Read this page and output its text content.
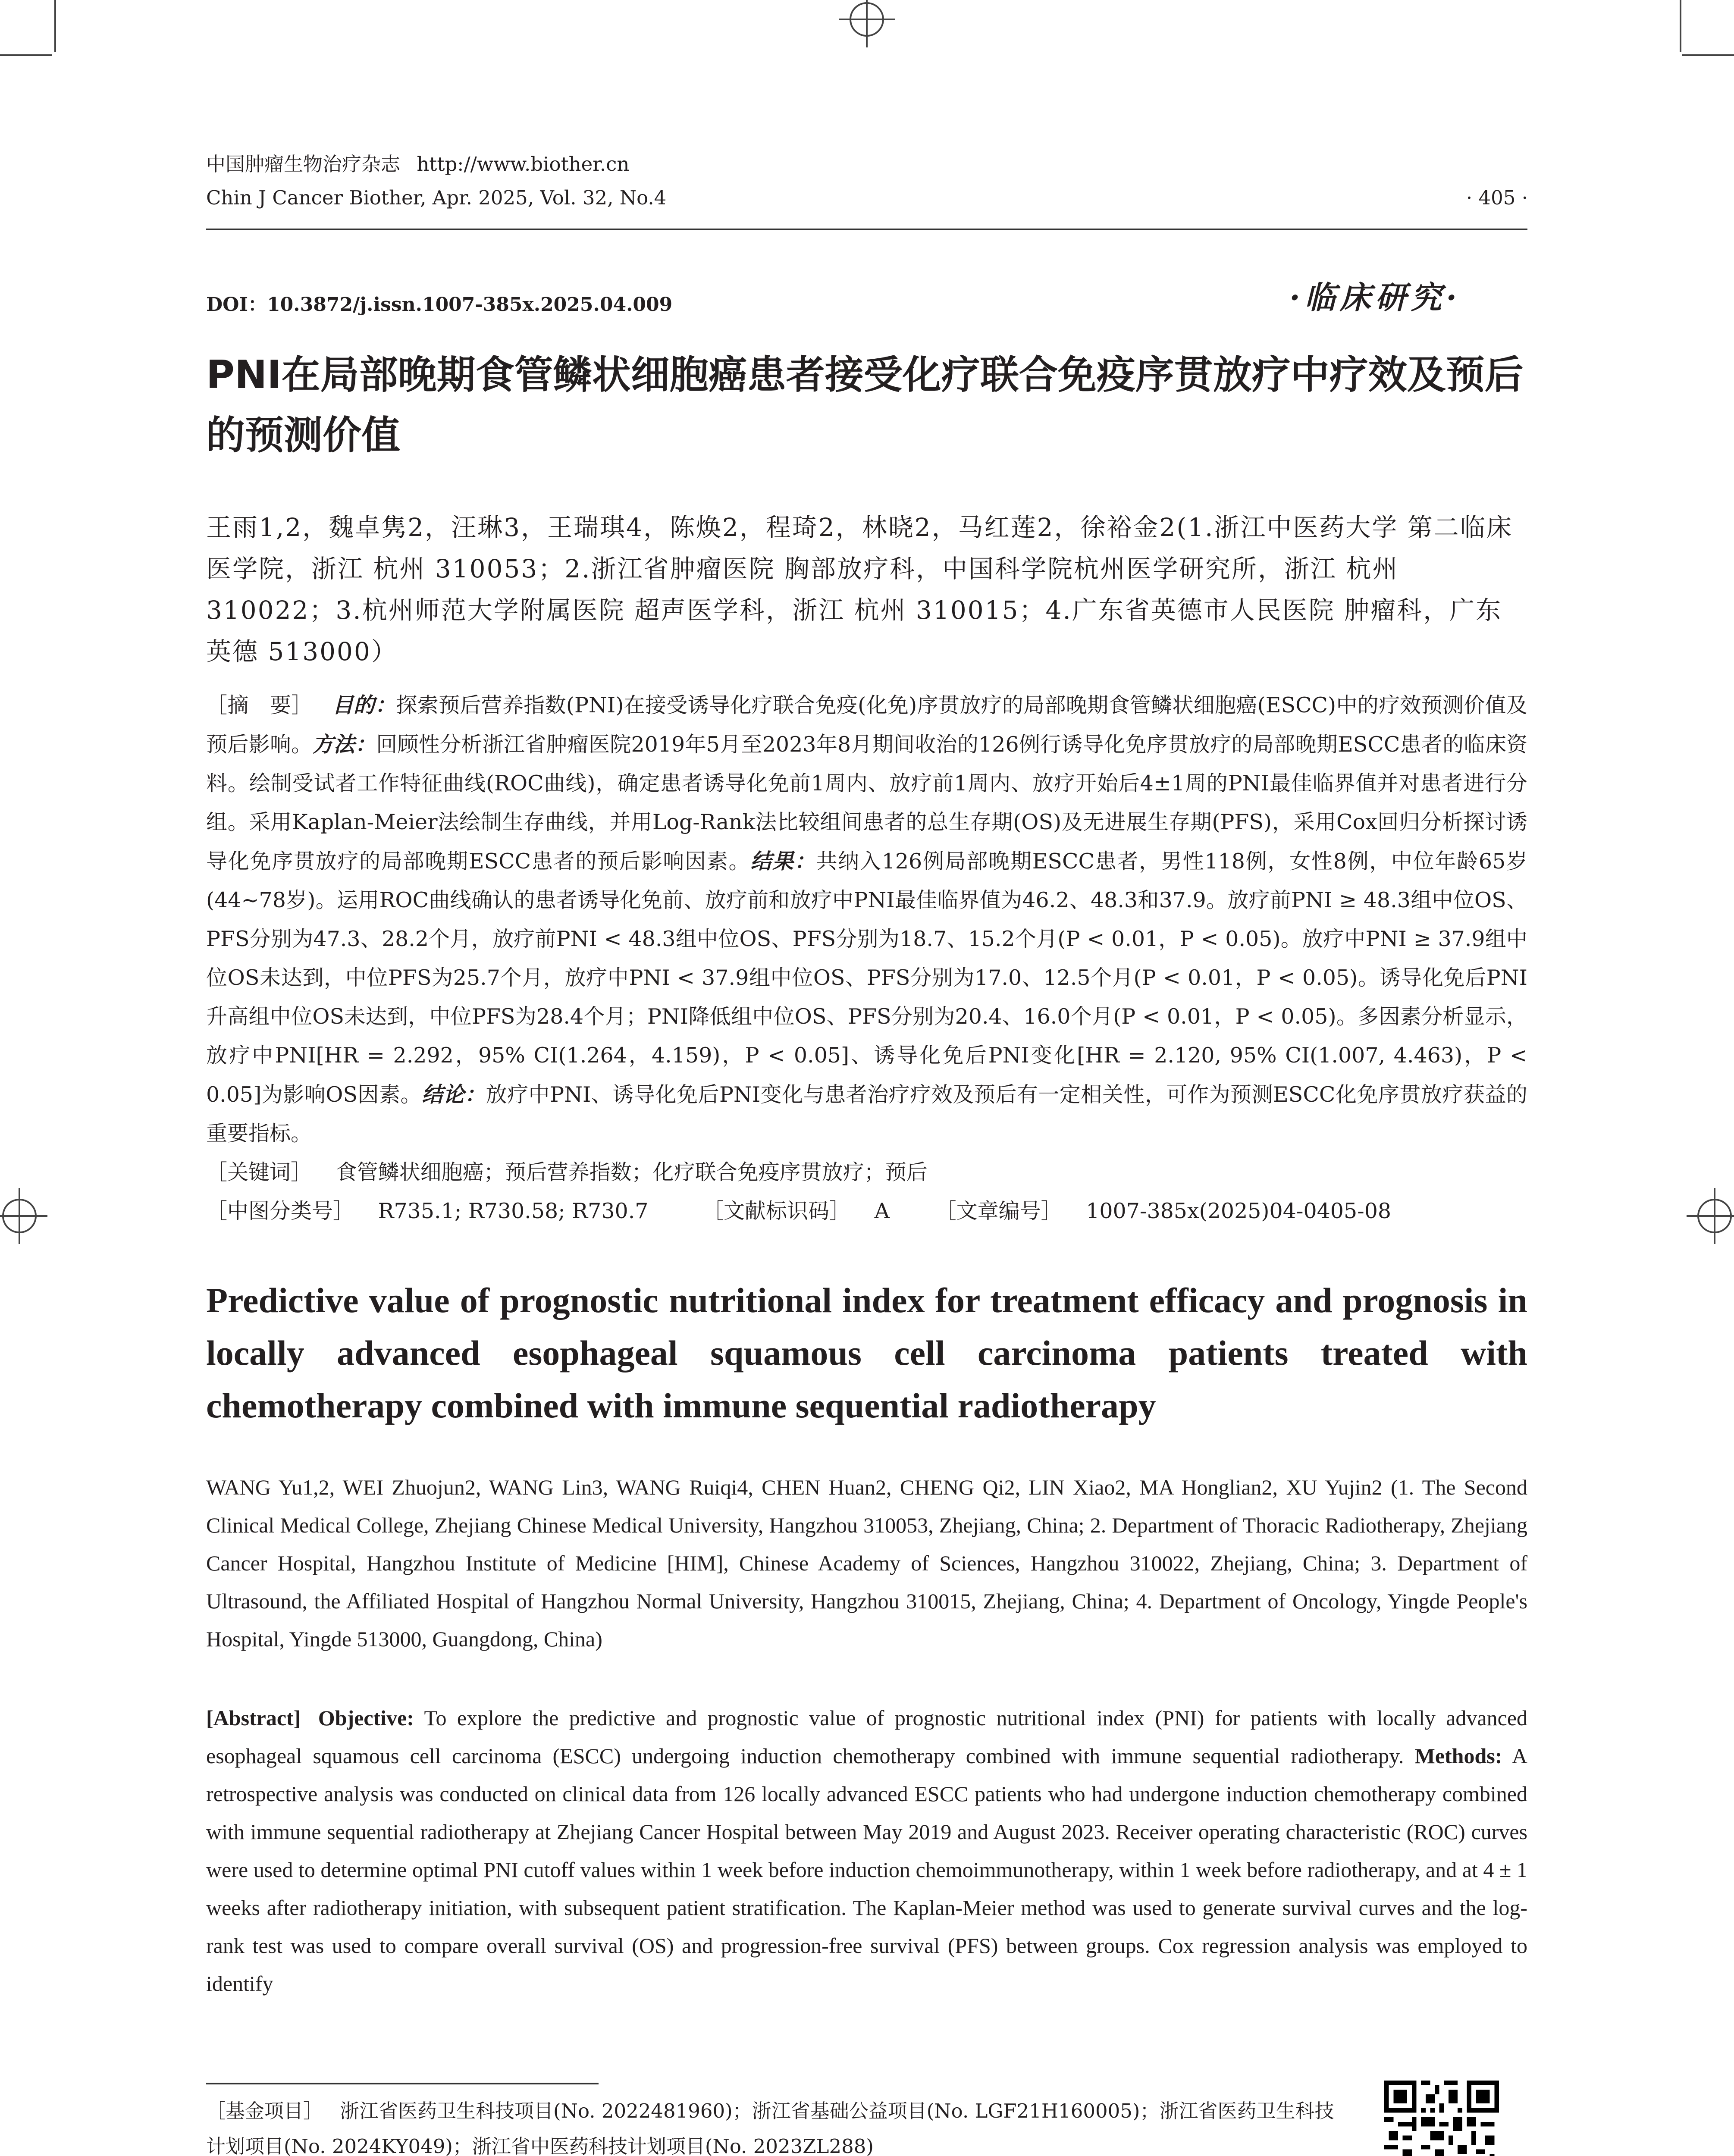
中国肿瘤生物治疗杂志 http://www.biother.cn
Chin J Cancer Biother, Apr. 2025, Vol. 32, No.4	· 405 ·
DOI：10.3872/j.issn.1007-385x.2025.04.009	·临床研究·
PNI在局部晚期食管鳞状细胞癌患者接受化疗联合免疫序贯放疗中疗效及预后的预测价值
王雨1,2，魏卓隽2，汪琳3，王瑞琪4，陈焕2，程琦2，林晓2，马红莲2，徐裕金2(1.浙江中医药大学 第二临床医学院，浙江 杭州 310053；2.浙江省肿瘤医院 胸部放疗科，中国科学院杭州医学研究所，浙江 杭州 310022；3.杭州师范大学附属医院 超声医学科，浙江 杭州 310015；4.广东省英德市人民医院 肿瘤科，广东 英德 513000）
［摘　要］ 目的：探索预后营养指数(PNI)在接受诱导化疗联合免疫(化免)序贯放疗的局部晚期食管鳞状细胞癌(ESCC)中的疗效预测价值及预后影响。方法：回顾性分析浙江省肿瘤医院2019年5月至2023年8月期间收治的126例行诱导化免序贯放疗的局部晚期ESCC患者的临床资料。绘制受试者工作特征曲线(ROC曲线)，确定患者诱导化免前1周内、放疗前1周内、放疗开始后4±1周的PNI最佳临界值并对患者进行分组。采用Kaplan-Meier法绘制生存曲线，并用Log-Rank法比较组间患者的总生存期(OS)及无进展生存期(PFS)，采用Cox回归分析探讨诱导化免序贯放疗的局部晚期ESCC患者的预后影响因素。结果：共纳入126例局部晚期ESCC患者，男性118例，女性8例，中位年龄65岁(44~78岁)。运用ROC曲线确认的患者诱导化免前、放疗前和放疗中PNI最佳临界值为46.2、48.3和37.9。放疗前PNI ≥ 48.3组中位OS、PFS分别为47.3、28.2个月，放疗前PNI < 48.3组中位OS、PFS分别为18.7、15.2个月(P < 0.01，P < 0.05)。放疗中PNI ≥ 37.9组中位OS未达到，中位PFS为25.7个月，放疗中PNI < 37.9组中位OS、PFS分别为17.0、12.5个月(P < 0.01，P < 0.05)。诱导化免后PNI升高组中位OS未达到，中位PFS为28.4个月；PNI降低组中位OS、PFS分别为20.4、16.0个月(P < 0.01，P < 0.05)。多因素分析显示，放疗中PNI[HR = 2.292，95% CI(1.264，4.159)，P < 0.05]、诱导化免后PNI变化[HR = 2.120, 95% CI(1.007, 4.463)，P < 0.05]为影响OS因素。结论：放疗中PNI、诱导化免后PNI变化与患者治疗疗效及预后有一定相关性，可作为预测ESCC化免序贯放疗获益的重要指标。
［关键词］ 食管鳞状细胞癌；预后营养指数；化疗联合免疫序贯放疗；预后
［中图分类号］ R735.1; R730.58; R730.7	［文献标识码］ A ［文章编号］ 1007-385x(2025)04-0405-08
Predictive value of prognostic nutritional index for treatment efficacy and prognosis in locally advanced esophageal squamous cell carcinoma patients treated with chemotherapy combined with immune sequential radiotherapy
WANG Yu1,2, WEI Zhuojun2, WANG Lin3, WANG Ruiqi4, CHEN Huan2, CHENG Qi2, LIN Xiao2, MA Honglian2, XU Yujin2 (1. The Second Clinical Medical College, Zhejiang Chinese Medical University, Hangzhou 310053, Zhejiang, China; 2. Department of Thoracic Radiotherapy, Zhejiang Cancer Hospital, Hangzhou Institute of Medicine [HIM], Chinese Academy of Sciences, Hangzhou 310022, Zhejiang, China; 3. Department of Ultrasound, the Affiliated Hospital of Hangzhou Normal University, Hangzhou 310015, Zhejiang, China; 4. Department of Oncology, Yingde People's Hospital, Yingde 513000, Guangdong, China)
[Abstract] Objective: To explore the predictive and prognostic value of prognostic nutritional index (PNI) for patients with locally advanced esophageal squamous cell carcinoma (ESCC) undergoing induction chemotherapy combined with immune sequential radiotherapy. Methods: A retrospective analysis was conducted on clinical data from 126 locally advanced ESCC patients who had undergone induction chemotherapy combined with immune sequential radiotherapy at Zhejiang Cancer Hospital between May 2019 and August 2023. Receiver operating characteristic (ROC) curves were used to determine optimal PNI cutoff values within 1 week before induction chemoimmunotherapy, within 1 week before radiotherapy, and at 4 ± 1 weeks after radiotherapy initiation, with subsequent patient stratification. The Kaplan-Meier method was used to generate survival curves and the log-rank test was used to compare overall survival (OS) and progression-free survival (PFS) between groups. Cox regression analysis was employed to identify
［基金项目］ 浙江省医药卫生科技项目(No. 2022481960)；浙江省基础公益项目(No. LGF21H160005)；浙江省医药卫生科技计划项目(No. 2024KY049)；浙江省中医药科技计划项目(No. 2023ZL288)
